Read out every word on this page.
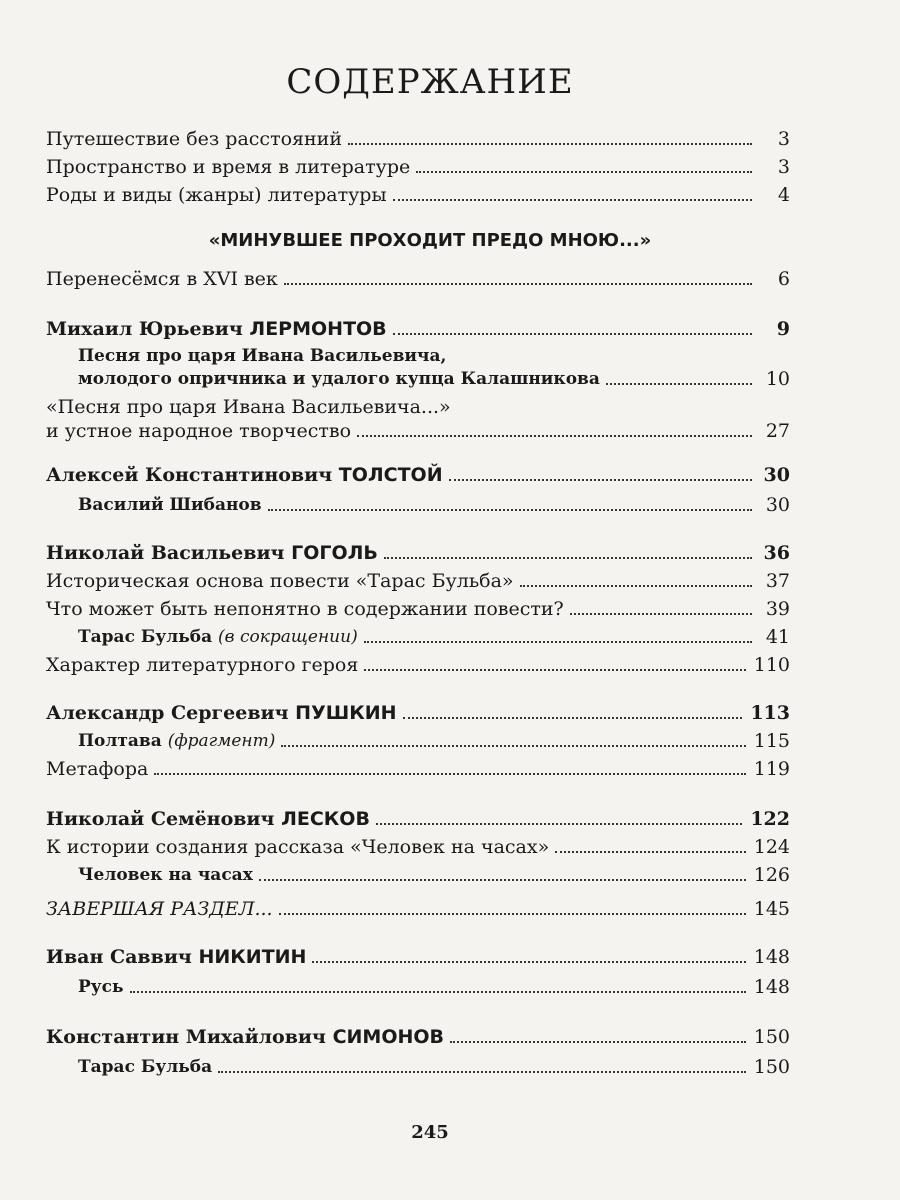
СОДЕРЖАНИЕ
Путешествие без расстояний	3
Пространство и время в литературе	3
Роды и виды (жанры) литературы	4
«МИНУВШЕЕ ПРОХОДИТ ПРЕДО МНОЮ...»
Перенесёмся в XVI век	6
Михаил Юрьевич ЛЕРМОНТОВ	9
Песня про царя Ивана Васильевича,
молодого опричника и удалого купца Калашникова	10
«Песня про царя Ивана Васильевича...»
и устное народное творчество	27
Алексей Константинович ТОЛСТОЙ	30
Василий Шибанов	30
Николай Васильевич ГОГОЛЬ	36
Историческая основа повести «Тарас Бульба»	37
Что может быть непонятно в содержании повести?	39
Тарас Бульба (в сокращении)	41
Характер литературного героя	110
Александр Сергеевич ПУШКИН	113
Полтава (фрагмент)	115
Метафора	119
Николай Семёнович ЛЕСКОВ	122
К истории создания рассказа «Человек на часах»	124
Человек на часах	126
ЗАВЕРШАЯ РАЗДЕЛ...	145
Иван Саввич НИКИТИН	148
Русь	148
Константин Михайлович СИМОНОВ	150
Тарас Бульба	150
245
